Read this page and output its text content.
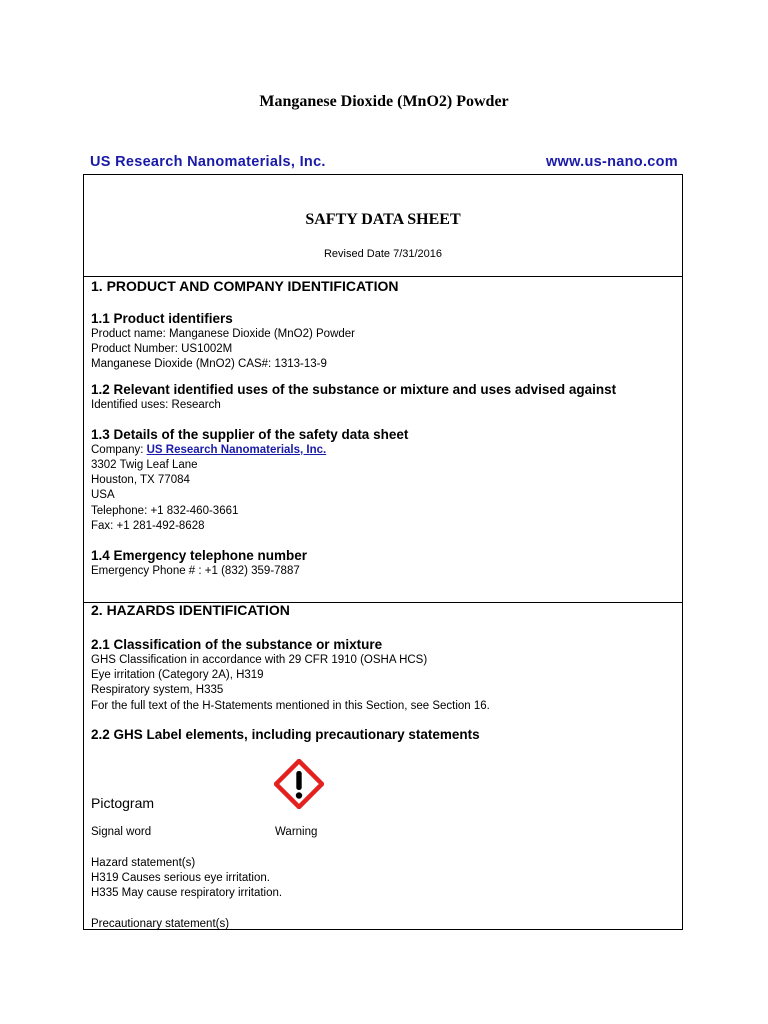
Manganese Dioxide (MnO2) Powder
US Research Nanomaterials, Inc.	www.us-nano.com
SAFTY DATA SHEET
Revised Date 7/31/2016

1. PRODUCT AND COMPANY IDENTIFICATION

1.1 Product identifiers

Product name: Manganese Dioxide (MnO2) Powder

Product Number: US1002M

Manganese Dioxide (MnO2) CAS#: 1313-13-9

1.2 Relevant identified uses of the substance or mixture and uses advised against

Identified uses: Research

1.3 Details of the supplier of the safety data sheet

Company: US Research Nanomaterials, Inc.

3302 Twig Leaf Lane

Houston, TX 77084

USA

Telephone: +1 832-460-3661

Fax: +1 281-492-8628

1.4 Emergency telephone number

Emergency Phone # : +1 (832) 359-7887

2. HAZARDS IDENTIFICATION

2.1 Classification of the substance or mixture

GHS Classification in accordance with 29 CFR 1910 (OSHA HCS)

Eye irritation (Category 2A), H319

Respiratory system, H335

For the full text of the H-Statements mentioned in this Section, see Section 16.

2.2 GHS Label elements, including precautionary statements

Pictogram
Signal word	Warning

Hazard statement(s)

H319 Causes serious eye irritation.

H335 May cause respiratory irritation.

Precautionary statement(s)
